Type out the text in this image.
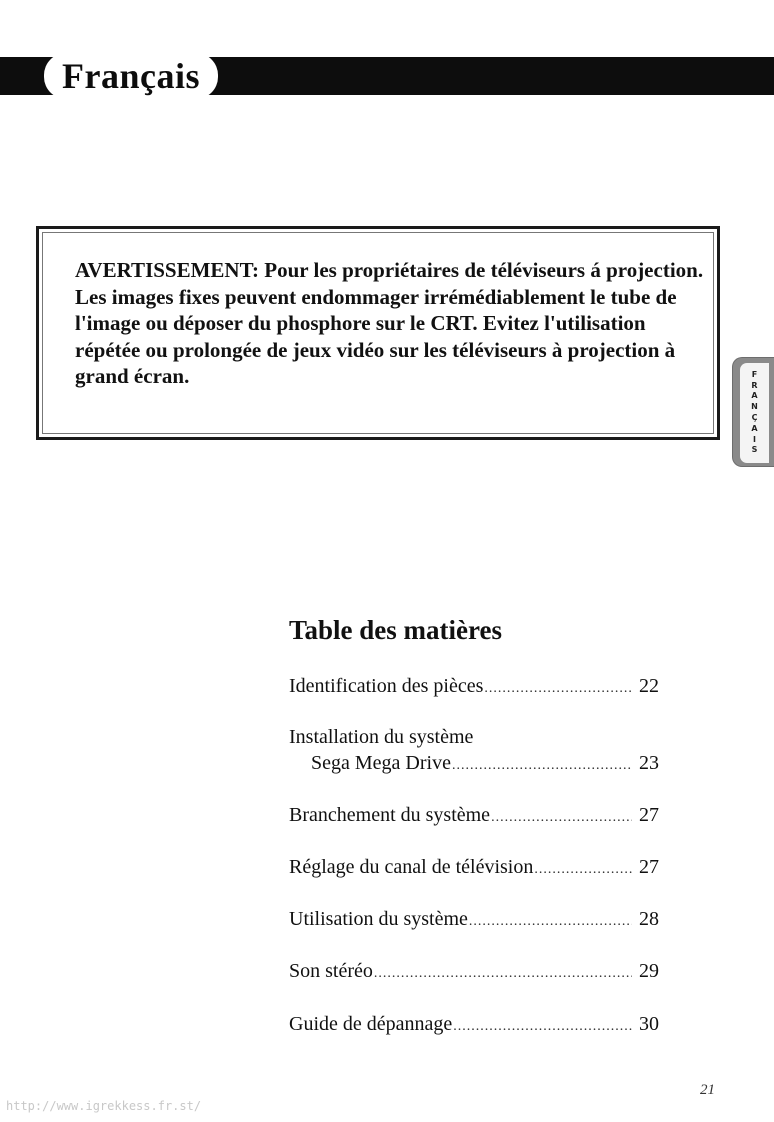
Français

AVERTISSEMENT: Pour les propriétaires de téléviseurs á projection. Les images fixes peuvent endommager irrémédiablement le tube de l'image ou déposer du phosphore sur le CRT. Evitez l'utilisation répétée ou prolongée de jeux vidéo sur les téléviseurs à projection à grand écran.	F
R
A
N
Ç
A
I
S
Table des matières
Identification des pièces .....	22
Installation du système
Sega Mega Drive .....	23
Branchement du système .....	27
Réglage du canal de télévision .....	27
Utilisation du système .....	28
Son stéréo .....	29
Guide de dépannage .....	30
21
http://www.igrekkess.fr.st/
